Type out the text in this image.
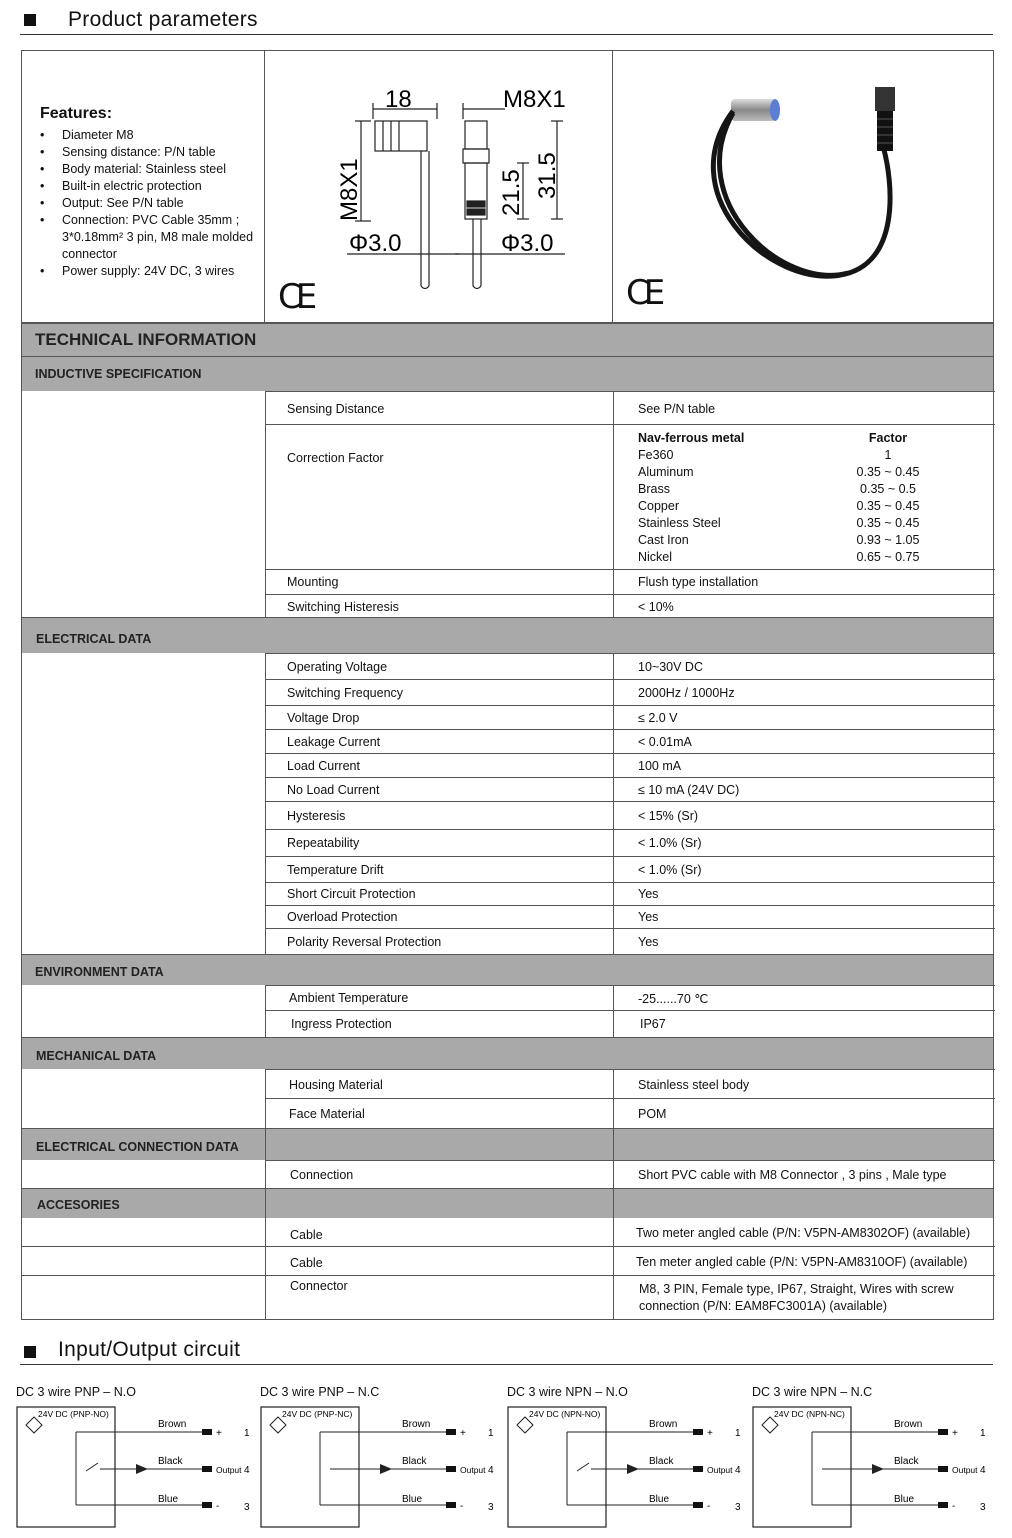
Product parameters
Features:
• Diameter M8
• Sensing distance: P/N table
• Body material: Stainless steel
• Built-in electric protection
• Output: See P/N table
• Connection: PVC Cable 35mm ; 3*0.18mm² 3 pin, M8 male molded connector
• Power supply: 24V DC, 3 wires
18	M8X1
M8X1
Φ3.0	Φ3.0
21.5 31.5
CE	CE
TECHNICAL INFORMATION
INDUCTIVE SPECIFICATION
Sensing Distance	See P/N table
Correction Factor
Nav-ferrous metal	Factor
Fe360	1
Aluminum	0.35 ~ 0.45
Brass	0.35 ~ 0.5
Copper	0.35 ~ 0.45
Stainless Steel	0.35 ~ 0.45
Cast Iron	0.93 ~ 1.05
Nickel	0.65 ~ 0.75
Mounting	Flush type installation
Switching Histeresis	< 10%
ELECTRICAL DATA
Operating Voltage	10~30V DC
Switching Frequency	2000Hz / 1000Hz
Voltage Drop	≤ 2.0 V
Leakage Current	< 0.01mA
Load Current	100 mA
No Load Current	≤ 10 mA (24V DC)
Hysteresis	< 15% (Sr)
Repeatability	< 1.0% (Sr)
Temperature Drift	< 1.0% (Sr)
Short Circuit Protection	Yes
Overload Protection	Yes
Polarity Reversal Protection	Yes
ENVIRONMENT DATA
Ambient Temperature	-25......70 ℃
Ingress Protection	IP67
MECHANICAL DATA
Housing Material	Stainless steel body
Face Material	POM
ELECTRICAL CONNECTION DATA
Connection	Short PVC cable with M8 Connector , 3 pins , Male type
ACCESORIES
Cable	Two meter angled cable (P/N: V5PN-AM8302OF) (available)
Cable	Ten meter angled cable (P/N: V5PN-AM8310OF) (available)
Connector	M8, 3 PIN, Female type, IP67, Straight, Wires with screw connection (P/N: EAM8FC3001A) (available)
Input/Output circuit
DC 3 wire PNP – N.O
24V DC (PNP-NO)
Brown
Black
Blue
+
-
Output
1
4
3
DC 3 wire PNP – N.C
24V DC (PNP-NC)
Brown
Black
Blue
+
-
Output
1
4
3
DC 3 wire NPN – N.O
24V DC (NPN-NO)
Brown
Black
Blue
+
-
Output
1
4
3
DC 3 wire NPN – N.C
24V DC (NPN-NC)
Brown
Black
Blue
+
-
Output
1
4
3
